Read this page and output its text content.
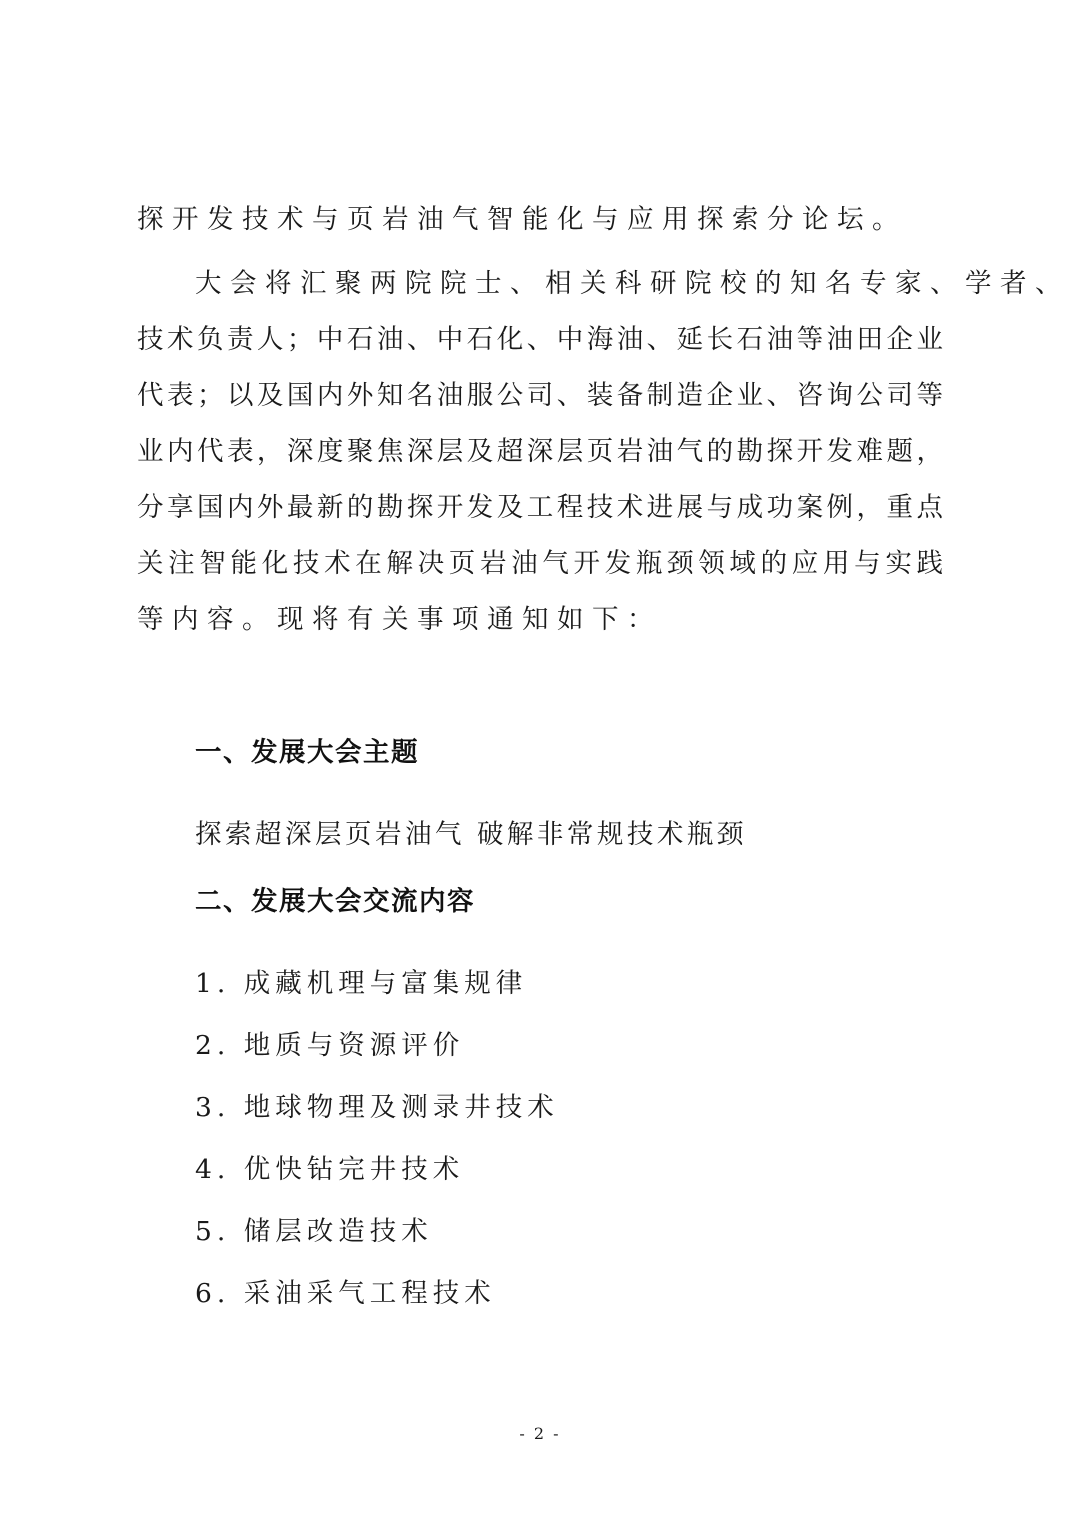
探开发技术与页岩油气智能化与应用探索分论坛。
大会将汇聚两院院士、相关科研院校的知名专家、学者、
技术负责人；中石油、中石化、中海油、延长石油等油田企业
代表；以及国内外知名油服公司、装备制造企业、咨询公司等
业内代表，深度聚焦深层及超深层页岩油气的勘探开发难题，
分享国内外最新的勘探开发及工程技术进展与成功案例，重点
关注智能化技术在解决页岩油气开发瓶颈领域的应用与实践
等内容。现将有关事项通知如下：
一、发展大会主题
探索超深层页岩油气 破解非常规技术瓶颈
二、发展大会交流内容
1. 成藏机理与富集规律
2. 地质与资源评价
3. 地球物理及测录井技术
4. 优快钻完井技术
5. 储层改造技术
6. 采油采气工程技术
- 2 -
